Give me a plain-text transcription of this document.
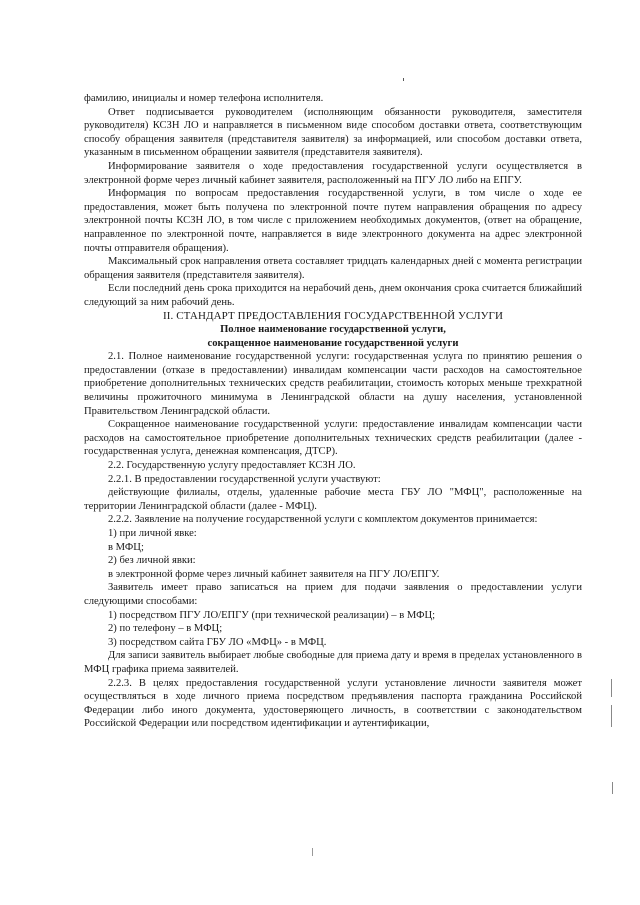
фамилию, инициалы и номер телефона исполнителя.

Ответ подписывается руководителем (исполняющим обязанности руководителя, заместителя руководителя) КСЗН ЛО и направляется в письменном виде способом доставки ответа, соответствующим способу обращения заявителя (представителя заявителя) за информацией, или способом доставки ответа, указанным в письменном обращении заявителя (представителя заявителя).

Информирование заявителя о ходе предоставления государственной услуги осуществляется в электронной форме через личный кабинет заявителя, расположенный на ПГУ ЛО либо на ЕПГУ.

Информация по вопросам предоставления государственной услуги, в том числе о ходе ее предоставления, может быть получена по электронной почте путем направления обращения по адресу электронной почты КСЗН ЛО, в том числе с приложением необходимых документов, (ответ на обращение, направленное по электронной почте, направляется в виде электронного документа на адрес электронной почты отправителя обращения).

Максимальный срок направления ответа составляет тридцать календарных дней с момента регистрации обращения заявителя (представителя заявителя).

Если последний день срока приходится на нерабочий день, днем окончания срока считается ближайший следующий за ним рабочий день.

II. СТАНДАРТ ПРЕДОСТАВЛЕНИЯ ГОСУДАРСТВЕННОЙ УСЛУГИ

Полное наименование государственной услуги,
сокращенное наименование государственной услуги

2.1. Полное наименование государственной услуги: государственная услуга по принятию решения о предоставлении (отказе в предоставлении) инвалидам компенсации части расходов на самостоятельное приобретение дополнительных технических средств реабилитации, стоимость которых меньше трехкратной величины прожиточного минимума в Ленинградской области на душу населения, установленной Правительством Ленинградской области.

Сокращенное наименование государственной услуги: предоставление инвалидам компенсации части расходов на самостоятельное приобретение дополнительных технических средств реабилитации (далее - государственная услуга, денежная компенсация, ДТСР).

2.2. Государственную услугу предоставляет КСЗН ЛО.

2.2.1. В предоставлении государственной услуги участвуют:

действующие филиалы, отделы, удаленные рабочие места ГБУ ЛО "МФЦ", расположенные на территории Ленинградской области (далее - МФЦ).

2.2.2. Заявление на получение государственной услуги с комплектом документов принимается:

1) при личной явке:

в МФЦ;

2) без личной явки:

в электронной форме через личный кабинет заявителя на ПГУ ЛО/ЕПГУ.

Заявитель имеет право записаться на прием для подачи заявления о предоставлении услуги следующими способами:

1) посредством ПГУ ЛО/ЕПГУ (при технической реализации) – в МФЦ;

2) по телефону – в МФЦ;

3) посредством сайта ГБУ ЛО «МФЦ» - в МФЦ.

Для записи заявитель выбирает любые свободные для приема дату и время в пределах установленного в МФЦ графика приема заявителей.

2.2.3. В целях предоставления государственной услуги установление личности заявителя может осуществляться в ходе личного приема посредством предъявления паспорта гражданина Российской Федерации либо иного документа, удостоверяющего личность, в соответствии с законодательством Российской Федерации или посредством идентификации и аутентификации,
